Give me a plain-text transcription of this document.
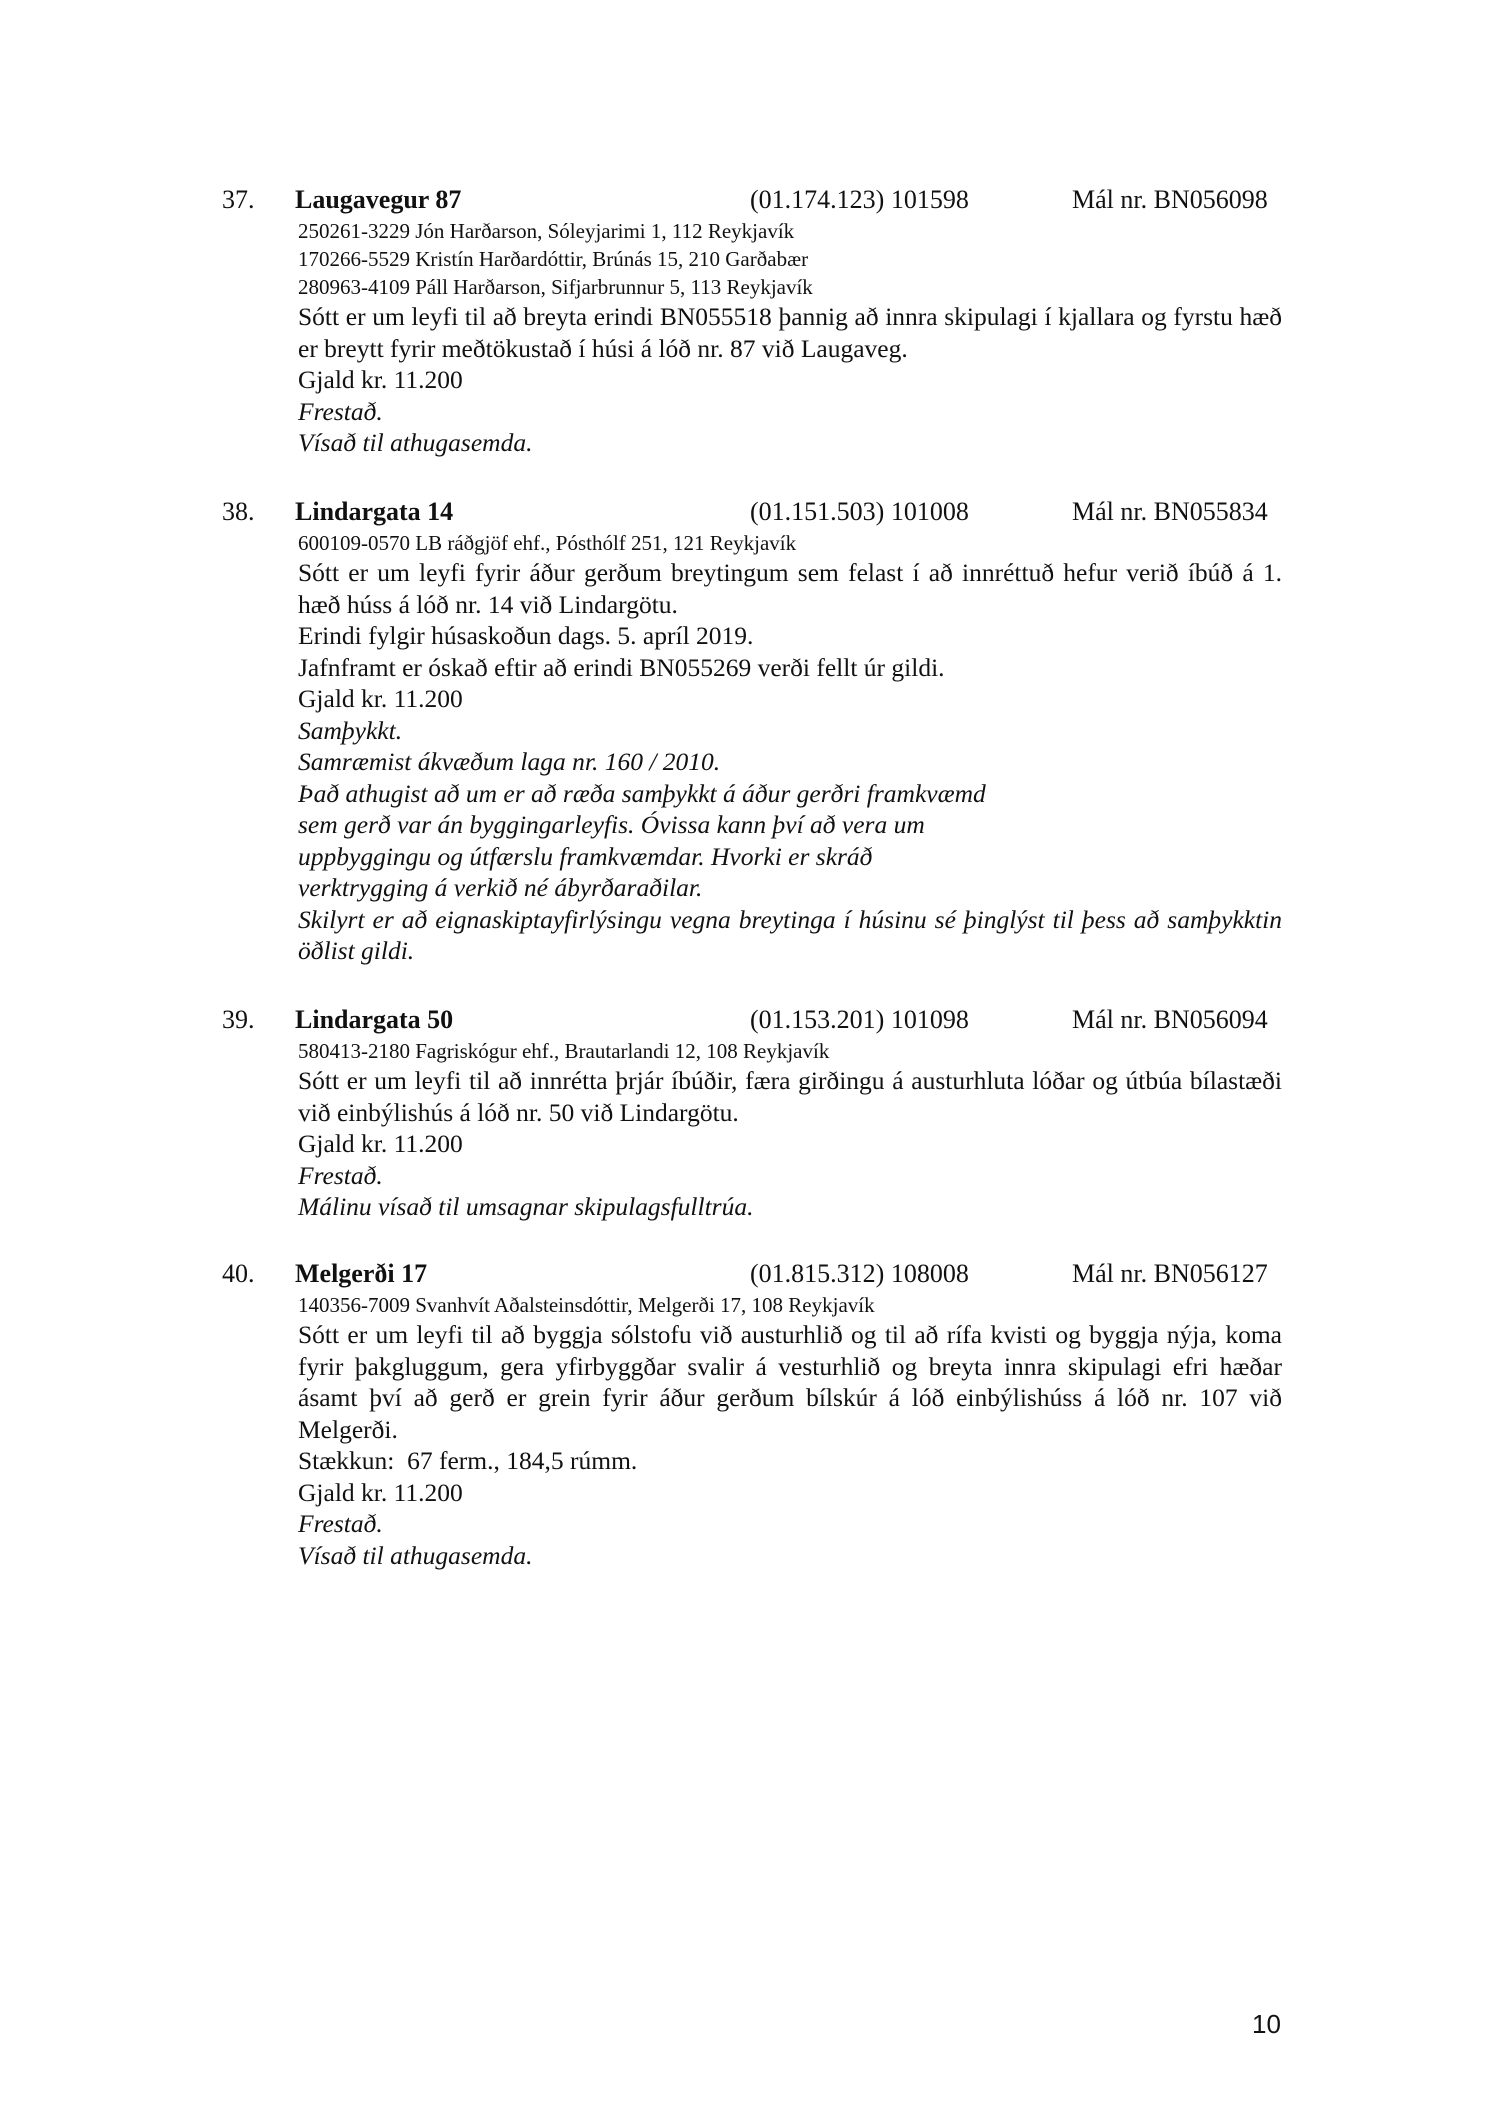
37. Laugavegur 87	(01.174.123) 101598	Mál nr. BN056098
250261-3229 Jón Harðarson, Sóleyjarimi 1, 112 Reykjavík
170266-5529 Kristín Harðardóttir, Brúnás 15, 210 Garðabær
280963-4109 Páll Harðarson, Sifjarbrunnur 5, 113 Reykjavík
Sótt er um leyfi til að breyta erindi BN055518 þannig að innra skipulagi í kjallara og fyrstu hæð er breytt fyrir meðtökustað í húsi á lóð nr. 87 við Laugaveg.
Gjald kr. 11.200
Frestað.
Vísað til athugasemda.
38. Lindargata 14	(01.151.503) 101008	Mál nr. BN055834
600109-0570 LB ráðgjöf ehf., Pósthólf 251, 121 Reykjavík
Sótt er um leyfi fyrir áður gerðum breytingum sem felast í að innréttuð hefur verið íbúð á 1. hæð húss á lóð nr. 14 við Lindargötu.
Erindi fylgir húsaskoðun dags. 5. apríl 2019.
Jafnframt er óskað eftir að erindi BN055269 verði fellt úr gildi.
Gjald kr. 11.200
Samþykkt.
Samræmist ákvæðum laga nr. 160 / 2010.
Það athugist að um er að ræða samþykkt á áður gerðri framkvæmd
sem gerð var án byggingarleyfis. Óvissa kann því að vera um
uppbyggingu og útfærslu framkvæmdar. Hvorki er skráð
verktrygging á verkið né ábyrðaraðilar.
Skilyrt er að eignaskiptayfirlýsingu vegna breytinga í húsinu sé þinglýst til þess að samþykktin öðlist gildi.
39. Lindargata 50	(01.153.201) 101098	Mál nr. BN056094
580413-2180 Fagriskógur ehf., Brautarlandi 12, 108 Reykjavík
Sótt er um leyfi til að innrétta þrjár íbúðir, færa girðingu á austurhluta lóðar og útbúa bílastæði við einbýlishús á lóð nr. 50 við Lindargötu.
Gjald kr. 11.200
Frestað.
Málinu vísað til umsagnar skipulagsfulltrúa.
40. Melgerði 17	(01.815.312) 108008	Mál nr. BN056127
140356-7009 Svanhvít Aðalsteinsdóttir, Melgerði 17, 108 Reykjavík
Sótt er um leyfi til að byggja sólstofu við austurhlið og til að rífa kvisti og byggja nýja, koma fyrir þakgluggum, gera yfirbyggðar svalir á vesturhlið og breyta innra skipulagi efri hæðar ásamt því að gerð er grein fyrir áður gerðum bílskúr á lóð einbýlishúss á lóð nr. 107 við Melgerði.
Stækkun:  67 ferm., 184,5 rúmm.
Gjald kr. 11.200
Frestað.
Vísað til athugasemda.
10
